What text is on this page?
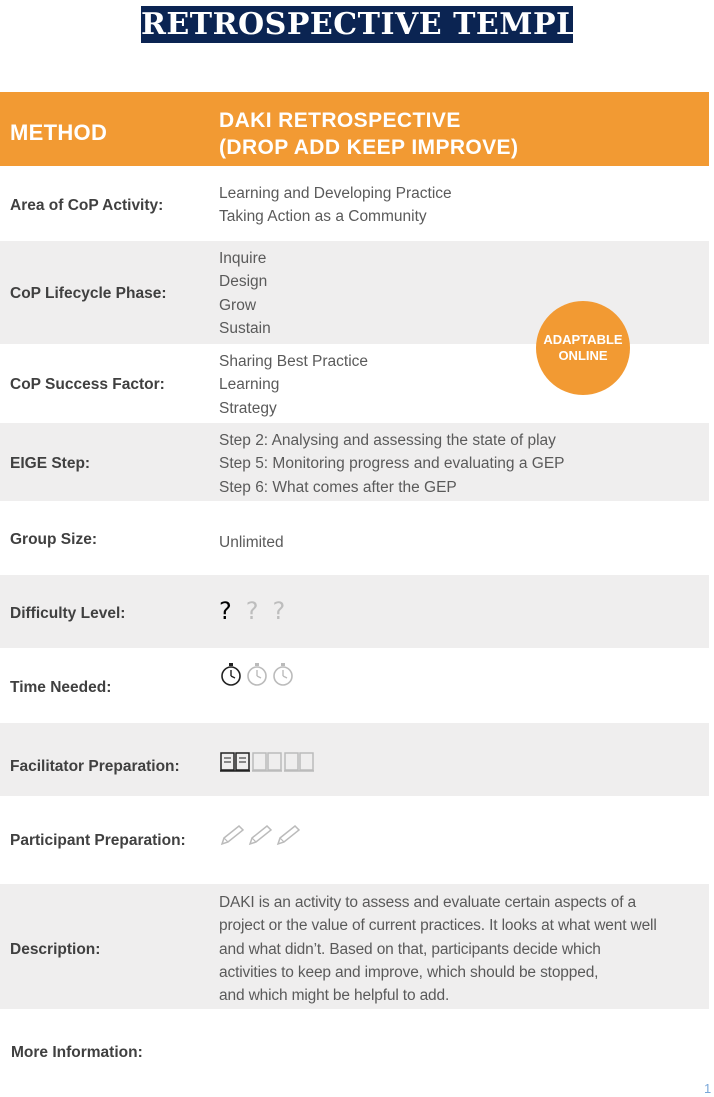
RETROSPECTIVE TEMPLATE
METHOD	DAKI RETROSPECTIVE
(DROP ADD KEEP IMPROVE)
Area of CoP Activity:
Learning and Developing Practice
Taking Action as a Community
CoP Lifecycle Phase:
Inquire
Design
Grow
Sustain
CoP Success Factor:
Sharing Best Practice
Learning
Strategy
EIGE Step:
Step 2: Analysing and assessing the state of play
Step 5: Monitoring progress and evaluating a GEP
Step 6: What comes after the GEP
Group Size:	Unlimited
Difficulty Level:	? ? ?
Time Needed:
Facilitator Preparation:
Participant Preparation:
Description:
DAKI is an activity to assess and evaluate certain aspects of a
project or the value of current practices. It looks at what went well
and what didn’t. Based on that, participants decide which
activities to keep and improve, which should be stopped,
and which might be helpful to add.
More Information:
ADAPTABLE
ONLINE
1
